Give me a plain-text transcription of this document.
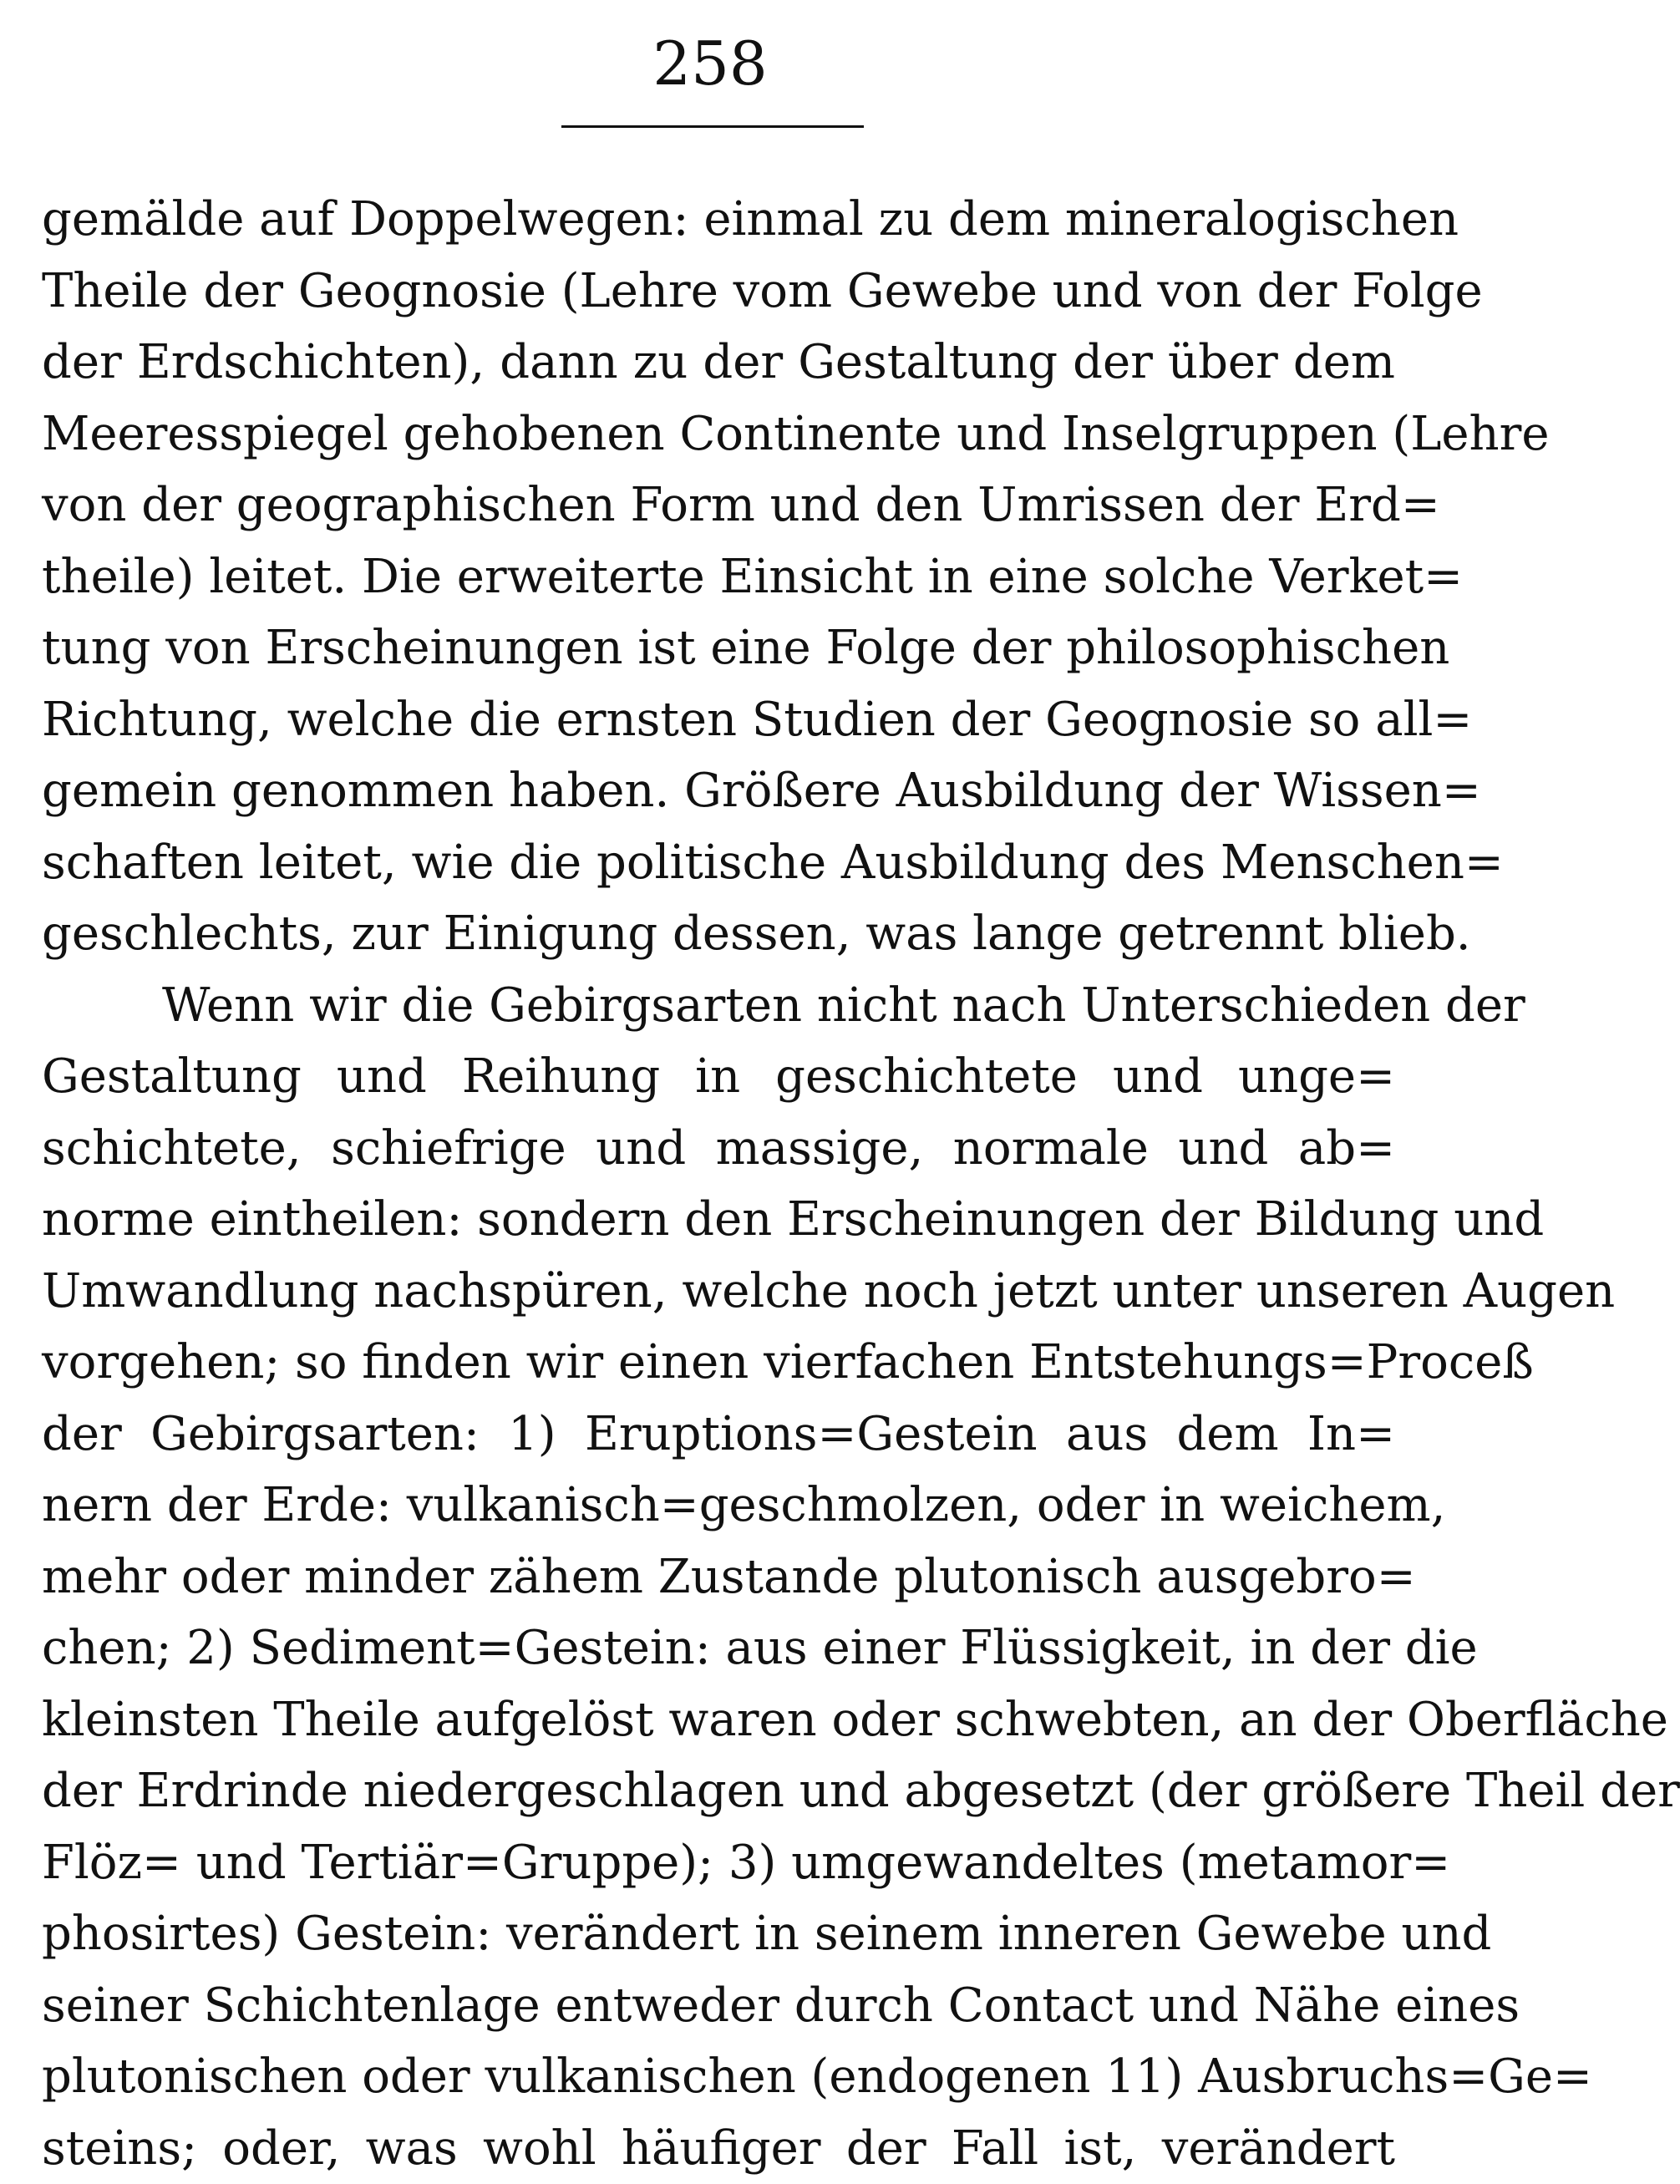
258
gemälde auf Doppelwegen: einmal zu dem mineralogischen
Theile der Geognosie (Lehre vom Gewebe und von der Folge
der Erdschichten), dann zu der Gestaltung der über dem
Meeresspiegel gehobenen Continente und Inselgruppen (Lehre
von der geographischen Form und den Umrissen der Erd=
theile) leitet. Die erweiterte Einsicht in eine solche Verket=
tung von Erscheinungen ist eine Folge der philosophischen
Richtung, welche die ernsten Studien der Geognosie so all=
gemein genommen haben. Größere Ausbildung der Wissen=
schaften leitet, wie die politische Ausbildung des Menschen=
geschlechts, zur Einigung dessen, was lange getrennt blieb.
Wenn wir die Gebirgsarten nicht nach Unterschieden der
Gestaltung und Reihung in geschichtete und unge=
schichtete, schiefrige und massige, normale und ab=
norme eintheilen: sondern den Erscheinungen der Bildung und
Umwandlung nachspüren, welche noch jetzt unter unseren Augen
vorgehen; so finden wir einen vierfachen Entstehungs=Proceß
der Gebirgsarten: 1) Eruptions=Gestein aus dem In=
nern der Erde: vulkanisch=geschmolzen, oder in weichem,
mehr oder minder zähem Zustande plutonisch ausgebro=
chen; 2) Sediment=Gestein: aus einer Flüssigkeit, in der die
kleinsten Theile aufgelöst waren oder schwebten, an der Oberfläche
der Erdrinde niedergeschlagen und abgesetzt (der größere Theil der
Flöz= und Tertiär=Gruppe); 3) umgewandeltes (metamor=
phosirtes) Gestein: verändert in seinem inneren Gewebe und
seiner Schichtenlage entweder durch Contact und Nähe eines
plutonischen oder vulkanischen (endogenen 11) Ausbruchs=Ge=
steins; oder, was wohl häufiger der Fall ist, verändert
